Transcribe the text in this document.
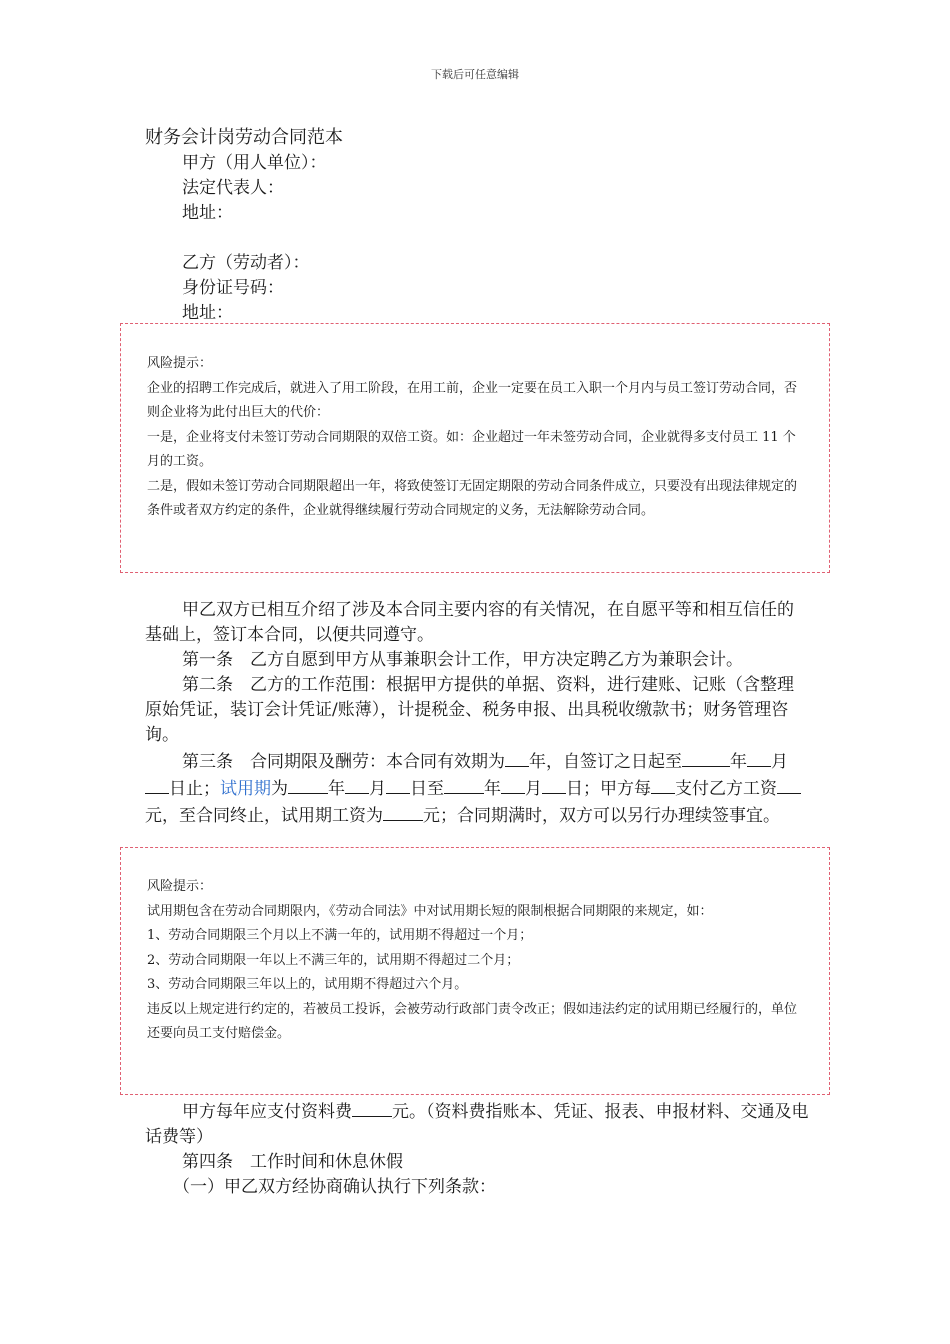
下载后可任意编辑
财务会计岗劳动合同范本
甲方（用人单位）：
法定代表人：
地址：
乙方（劳动者）：
身份证号码：
地址：

风险提示：

企业的招聘工作完成后，就进入了用工阶段，在用工前，企业一定要在员工入职一个月内与员工签订劳动合同，否则企业将为此付出巨大的代价：

一是，企业将支付未签订劳动合同期限的双倍工资。如：企业超过一年未签劳动合同，企业就得多支付员工 11 个月的工资。

二是，假如未签订劳动合同期限超出一年，将致使签订无固定期限的劳动合同条件成立，只要没有出现法律规定的条件或者双方约定的条件，企业就得继续履行劳动合同规定的义务，无法解除劳动合同。

甲乙双方已相互介绍了涉及本合同主要内容的有关情况，在自愿平等和相互信任的基础上，签订本合同，以便共同遵守。
第一条　乙方自愿到甲方从事兼职会计工作，甲方决定聘乙方为兼职会计。
第二条　乙方的工作范围：根据甲方提供的单据、资料，进行建账、记账（含整理原始凭证，装订会计凭证/账薄），计提税金、税务申报、出具税收缴款书；财务管理咨询。
第三条　合同期限及酬劳：本合同有效期为 年，自签订之日起至	年 月日止；试用期为 年 月 日至 年 月 日；甲方每 支付乙方工资元，至合同终止，试用期工资为 元；合同期满时，双方可以另行办理续签事宜。

风险提示：

试用期包含在劳动合同期限内，《劳动合同法》中对试用期长短的限制根据合同期限的来规定，如：

1、劳动合同期限三个月以上不满一年的，试用期不得超过一个月；

2、劳动合同期限一年以上不满三年的，试用期不得超过二个月；

3、劳动合同期限三年以上的，试用期不得超过六个月。

违反以上规定进行约定的，若被员工投诉，会被劳动行政部门责令改正；假如违法约定的试用期已经履行的，单位还要向员工支付赔偿金。

甲方每年应支付资料费 元。（资料费指账本、凭证、报表、申报材料、交通及电话费等）
第四条　工作时间和休息休假
（一）甲乙双方经协商确认执行下列条款：
